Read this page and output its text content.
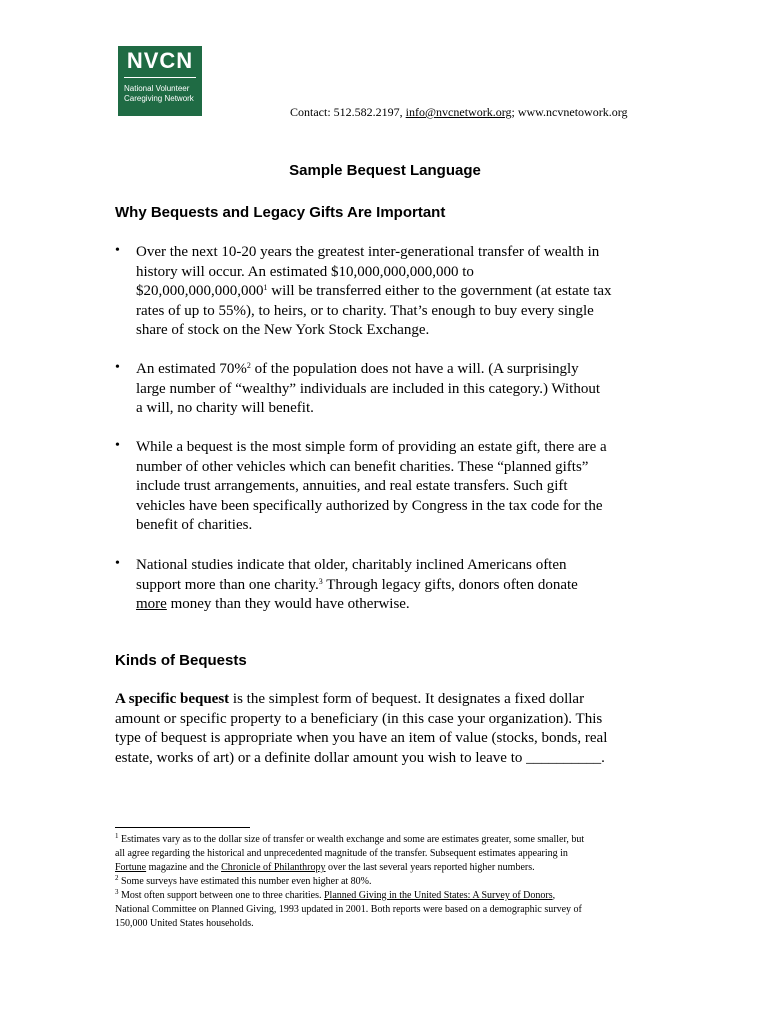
NVCN
National Volunteer
Caregiving Network
Contact: 512.582.2197, info@nvcnetwork.org; www.ncvnetowork.org
Sample Bequest Language
Why Bequests and Legacy Gifts Are Important
• Over the next 10-20 years the greatest inter-generational transfer of wealth in
history will occur. An estimated $10,000,000,000,000 to
$20,000,000,000,000$^1$ will be transferred either to the government (at estate tax
rates of up to 55%), to heirs, or to charity. That’s enough to buy every single
share of stock on the New York Stock Exchange.
• An estimated 70%$^2$ of the population does not have a will. (A surprisingly
large number of “wealthy” individuals are included in this category.) Without
a will, no charity will benefit.
• While a bequest is the most simple form of providing an estate gift, there are a
number of other vehicles which can benefit charities. These “planned gifts”
include trust arrangements, annuities, and real estate transfers. Such gift
vehicles have been specifically authorized by Congress in the tax code for the
benefit of charities.
• National studies indicate that older, charitably inclined Americans often
support more than one charity.$^3$ Through legacy gifts, donors often donate
more money than they would have otherwise.
Kinds of Bequests
A specific bequest is the simplest form of bequest. It designates a fixed dollar
amount or specific property to a beneficiary (in this case your organization). This
type of bequest is appropriate when you have an item of value (stocks, bonds, real
estate, works of art) or a definite dollar amount you wish to leave to __________.
$^1$ Estimates vary as to the dollar size of transfer or wealth exchange and some are estimates greater, some smaller, but
all agree regarding the historical and unprecedented magnitude of the transfer. Subsequent estimates appearing in
Fortune magazine and the Chronicle of Philanthropy over the last several years reported higher numbers.
$^2$ Some surveys have estimated this number even higher at 80%.
$^3$ Most often support between one to three charities. Planned Giving in the United States: A Survey of Donors,
National Committee on Planned Giving, 1993 updated in 2001. Both reports were based on a demographic survey of
150,000 United States households.
